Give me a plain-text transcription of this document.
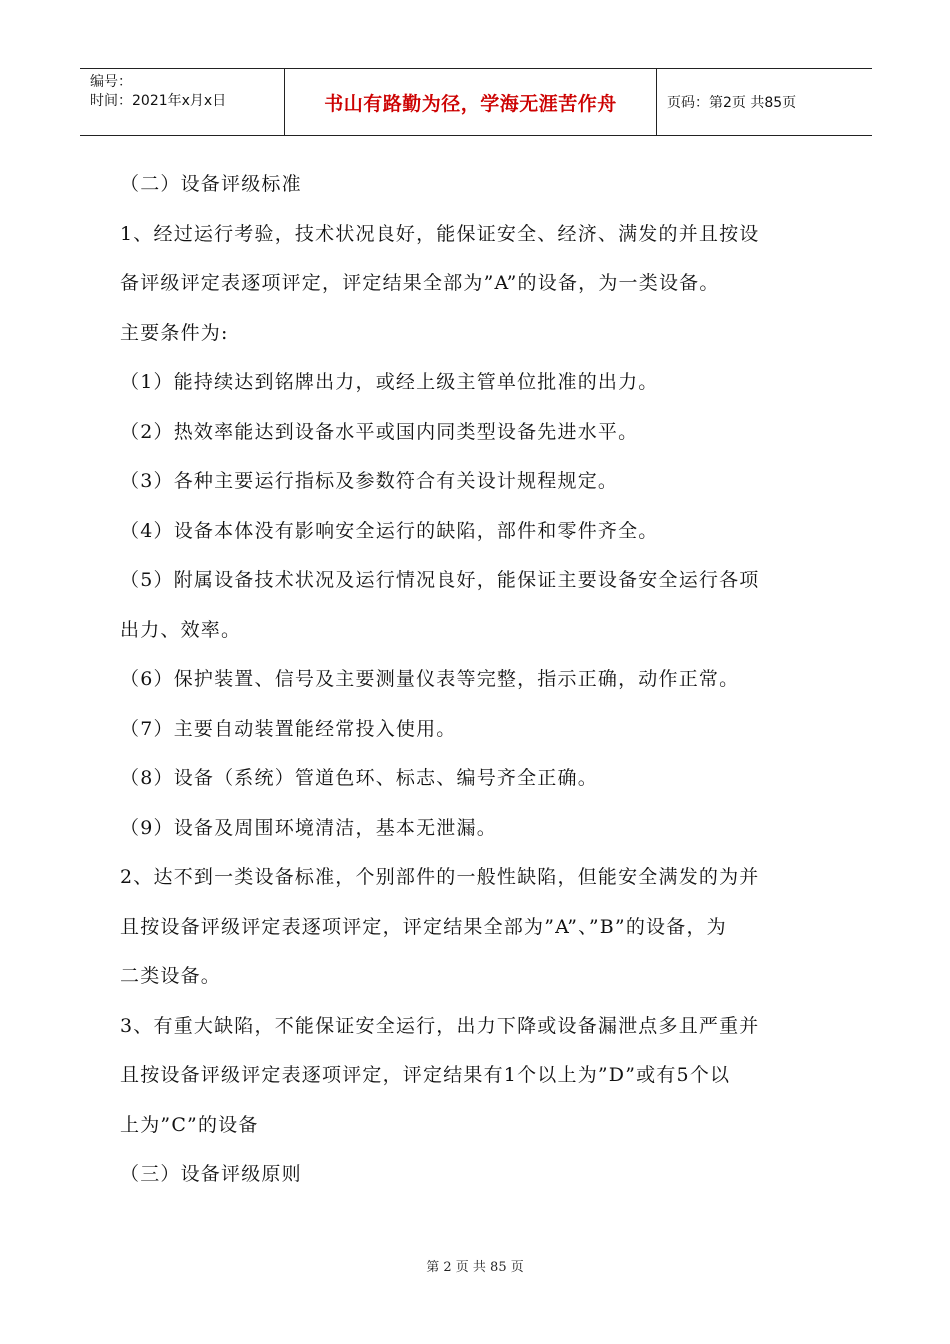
编号：
时间：2021年x月x日	书山有路勤为径，学海无涯苦作舟	页码：第2页 共85页

（二）设备评级标准

1、经过运行考验，技术状况良好，能保证安全、经济、满发的并且按设

备评级评定表逐项评定，评定结果全部为”A”的设备，为一类设备。

主要条件为:

（1）能持续达到铭牌出力，或经上级主管单位批准的出力。

（2）热效率能达到设备水平或国内同类型设备先进水平。

（3）各种主要运行指标及参数符合有关设计规程规定。

（4）设备本体没有影响安全运行的缺陷，部件和零件齐全。

（5）附属设备技术状况及运行情况良好，能保证主要设备安全运行各项

出力、效率。

（6）保护装置、信号及主要测量仪表等完整，指示正确，动作正常。

（7）主要自动装置能经常投入使用。

（8）设备（系统）管道色环、标志、编号齐全正确。

（9）设备及周围环境清洁，基本无泄漏。

2、达不到一类设备标准，个别部件的一般性缺陷，但能安全满发的为并

且按设备评级评定表逐项评定，评定结果全部为”A”、”B”的设备，为

二类设备。

3、有重大缺陷，不能保证安全运行，出力下降或设备漏泄点多且严重并

且按设备评级评定表逐项评定，评定结果有1个以上为”D”或有5个以

上为”C”的设备

（三）设备评级原则

第 2 页 共 85 页
